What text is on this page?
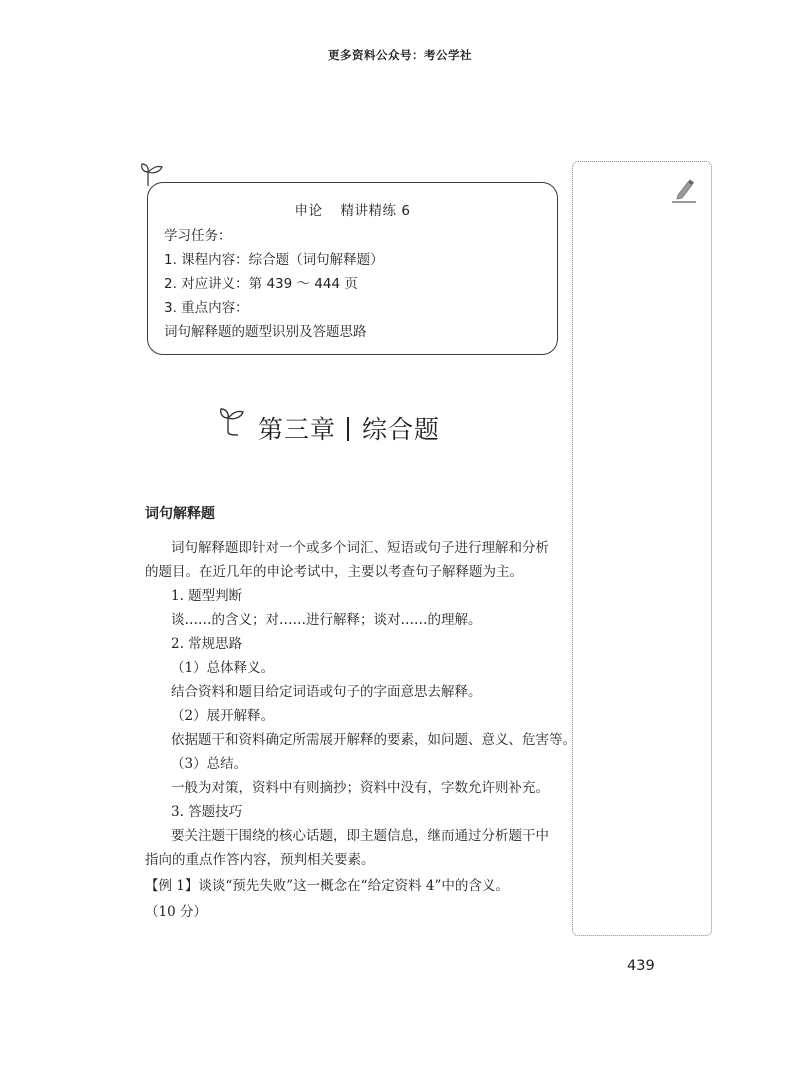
更多资料公众号：考公学社
申论 精讲精练 6
学习任务：
1. 课程内容：综合题（词句解释题）
2. 对应讲义：第 439 ～ 444 页
3. 重点内容：
词句解释题的题型识别及答题思路
第三章 综合题
词句解释题
词句解释题即针对一个或多个词汇、短语或句子进行理解和分析
的题目。在近几年的申论考试中，主要以考查句子解释题为主。
1. 题型判断
谈……的含义；对……进行解释；谈对……的理解。
2. 常规思路
（1）总体释义。
结合资料和题目给定词语或句子的字面意思去解释。
（2）展开解释。
依据题干和资料确定所需展开解释的要素，如问题、意义、危害等。
（3）总结。
一般为对策，资料中有则摘抄；资料中没有，字数允许则补充。
3. 答题技巧
要关注题干围绕的核心话题，即主题信息，继而通过分析题干中
指向的重点作答内容，预判相关要素。
【例 1】谈谈“预先失败”这一概念在“给定资料 4”中的含义。
（10 分）
439
